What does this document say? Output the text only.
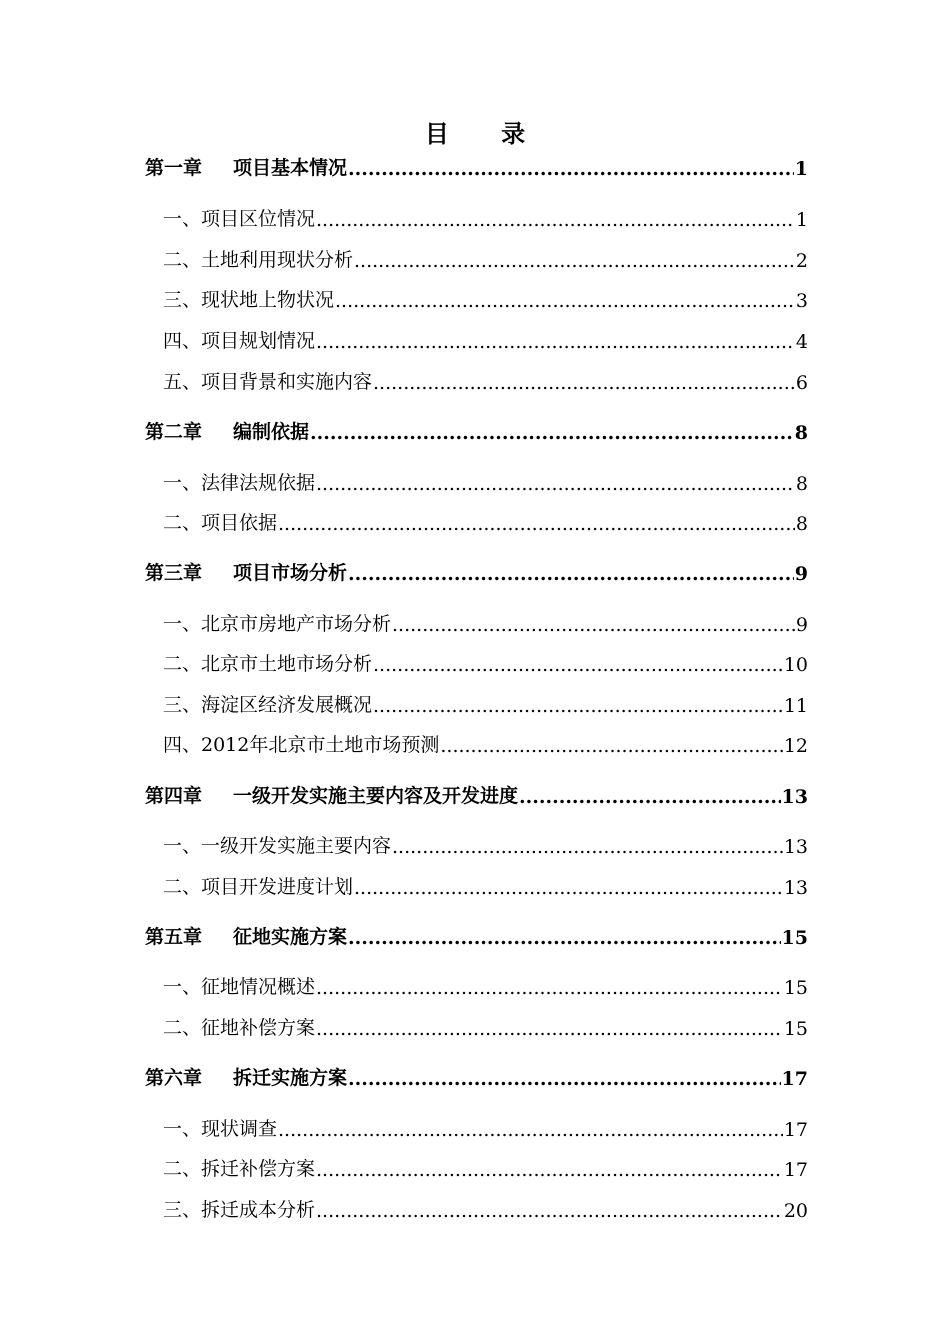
目 录
第一章 项目基本情况 .....	1
一、项目区位情况 .....	1
二、土地利用现状分析 .....	2
三、现状地上物状况 .....	3
四、项目规划情况 .....	4
五、项目背景和实施内容 .....	6
第二章 编制依据 .....	8
一、法律法规依据 .....	8
二、项目依据 .....	8
第三章 项目市场分析 .....	9
一、北京市房地产市场分析 .....	9
二、北京市土地市场分析 .....	10
三、海淀区经济发展概况 .....	11
四、2012年北京市土地市场预测 .....	12
第四章 一级开发实施主要内容及开发进度 .....	13
一、一级开发实施主要内容 .....	13
二、项目开发进度计划 .....	13
第五章 征地实施方案 .....	15
一、征地情况概述 .....	15
二、征地补偿方案 .....	15
第六章 拆迁实施方案 .....	17
一、现状调查 .....	17
二、拆迁补偿方案 .....	17
三、拆迁成本分析 .....	20
